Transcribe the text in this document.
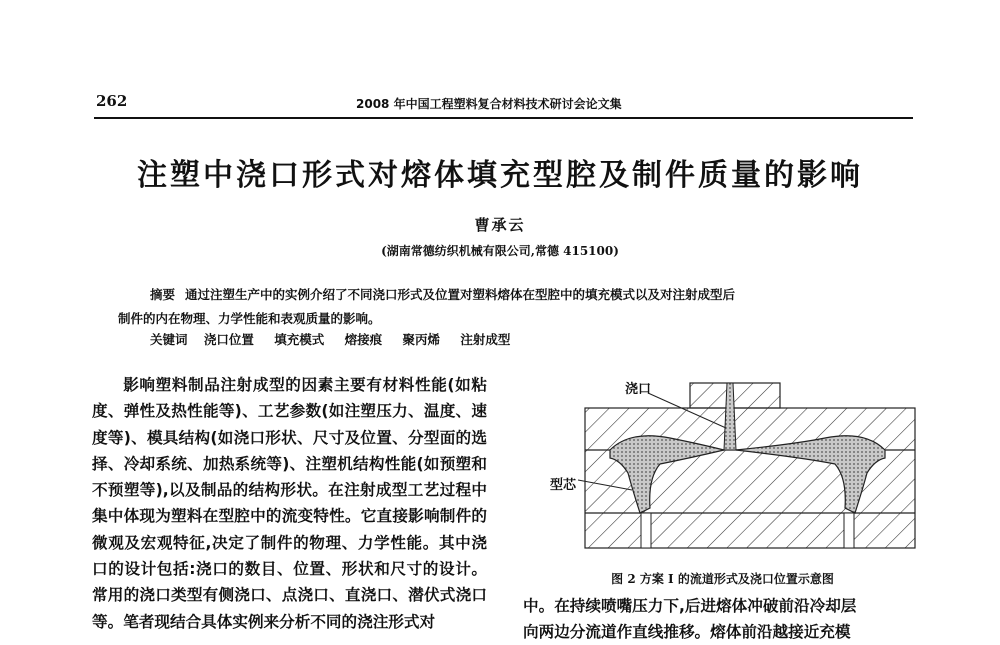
262	2008 年中国工程塑料复合材料技术研讨会论文集
注塑中浇口形式对熔体填充型腔及制件质量的影响
曹承云
(湖南常德纺织机械有限公司,常德 415100)
摘要 通过注塑生产中的实例介绍了不同浇口形式及位置对塑料熔体在型腔中的填充模式以及对注射成型后
制件的内在物理、力学性能和表观质量的影响。
关键词 浇口位置 填充模式 熔接痕 聚丙烯 注射成型

影响塑料制品注射成型的因素主要有材料性能(如粘度、弹性及热性能等)、工艺参数(如注塑压力、温度、速度等)、模具结构(如浇口形状、尺寸及位置、分型面的选择、冷却系统、加热系统等)、注塑机结构性能(如预塑和不预塑等),以及制品的结构形状。在注射成型工艺过程中集中体现为塑料在型腔中的流变特性。它直接影响制件的微观及宏观特征,决定了制件的物理、力学性能。其中浇口的设计包括:浇口的数目、位置、形状和尺寸的设计。常用的浇口类型有侧浇口、点浇口、直浇口、潜伏式浇口等。笔者现结合具体实例来分析不同的浇注形式对

浇口
型芯
图 2 方案 I 的流道形式及浇口位置示意图
中。在持续喷嘴压力下,后进熔体冲破前沿冷却层
向两边分流道作直线推移。熔体前沿越接近充模
